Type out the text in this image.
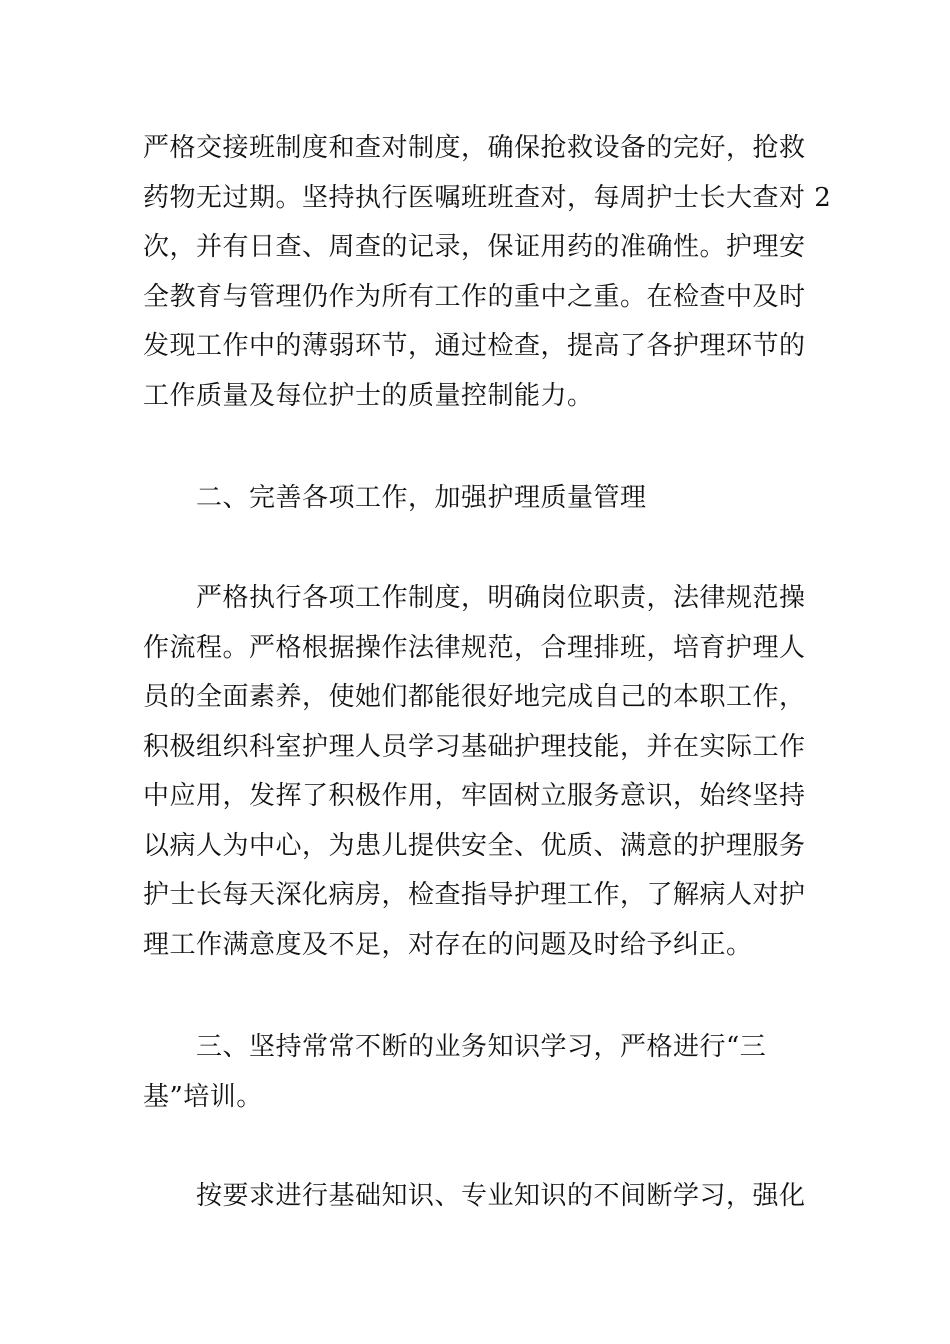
严格交接班制度和查对制度，确保抢救设备的完好，抢救
药物无过期。坚持执行医嘱班班查对，每周护士长大查对 2
次，并有日查、周查的记录，保证用药的准确性。护理安
全教育与管理仍作为所有工作的重中之重。在检查中及时
发现工作中的薄弱环节，通过检查，提高了各护理环节的
工作质量及每位护士的质量控制能力。
二、完善各项工作，加强护理质量管理
　　严格执行各项工作制度，明确岗位职责，法律规范操
作流程。严格根据操作法律规范，合理排班，培育护理人
员的全面素养，使她们都能很好地完成自己的本职工作，
积极组织科室护理人员学习基础护理技能，并在实际工作
中应用，发挥了积极作用，牢固树立服务意识，始终坚持
以病人为中心，为患儿提供安全、优质、满意的护理服务
护士长每天深化病房，检查指导护理工作，了解病人对护
理工作满意度及不足，对存在的问题及时给予纠正。
　　三、坚持常常不断的业务知识学习，严格进行“三
基”培训。
　　按要求进行基础知识、专业知识的不间断学习，强化
